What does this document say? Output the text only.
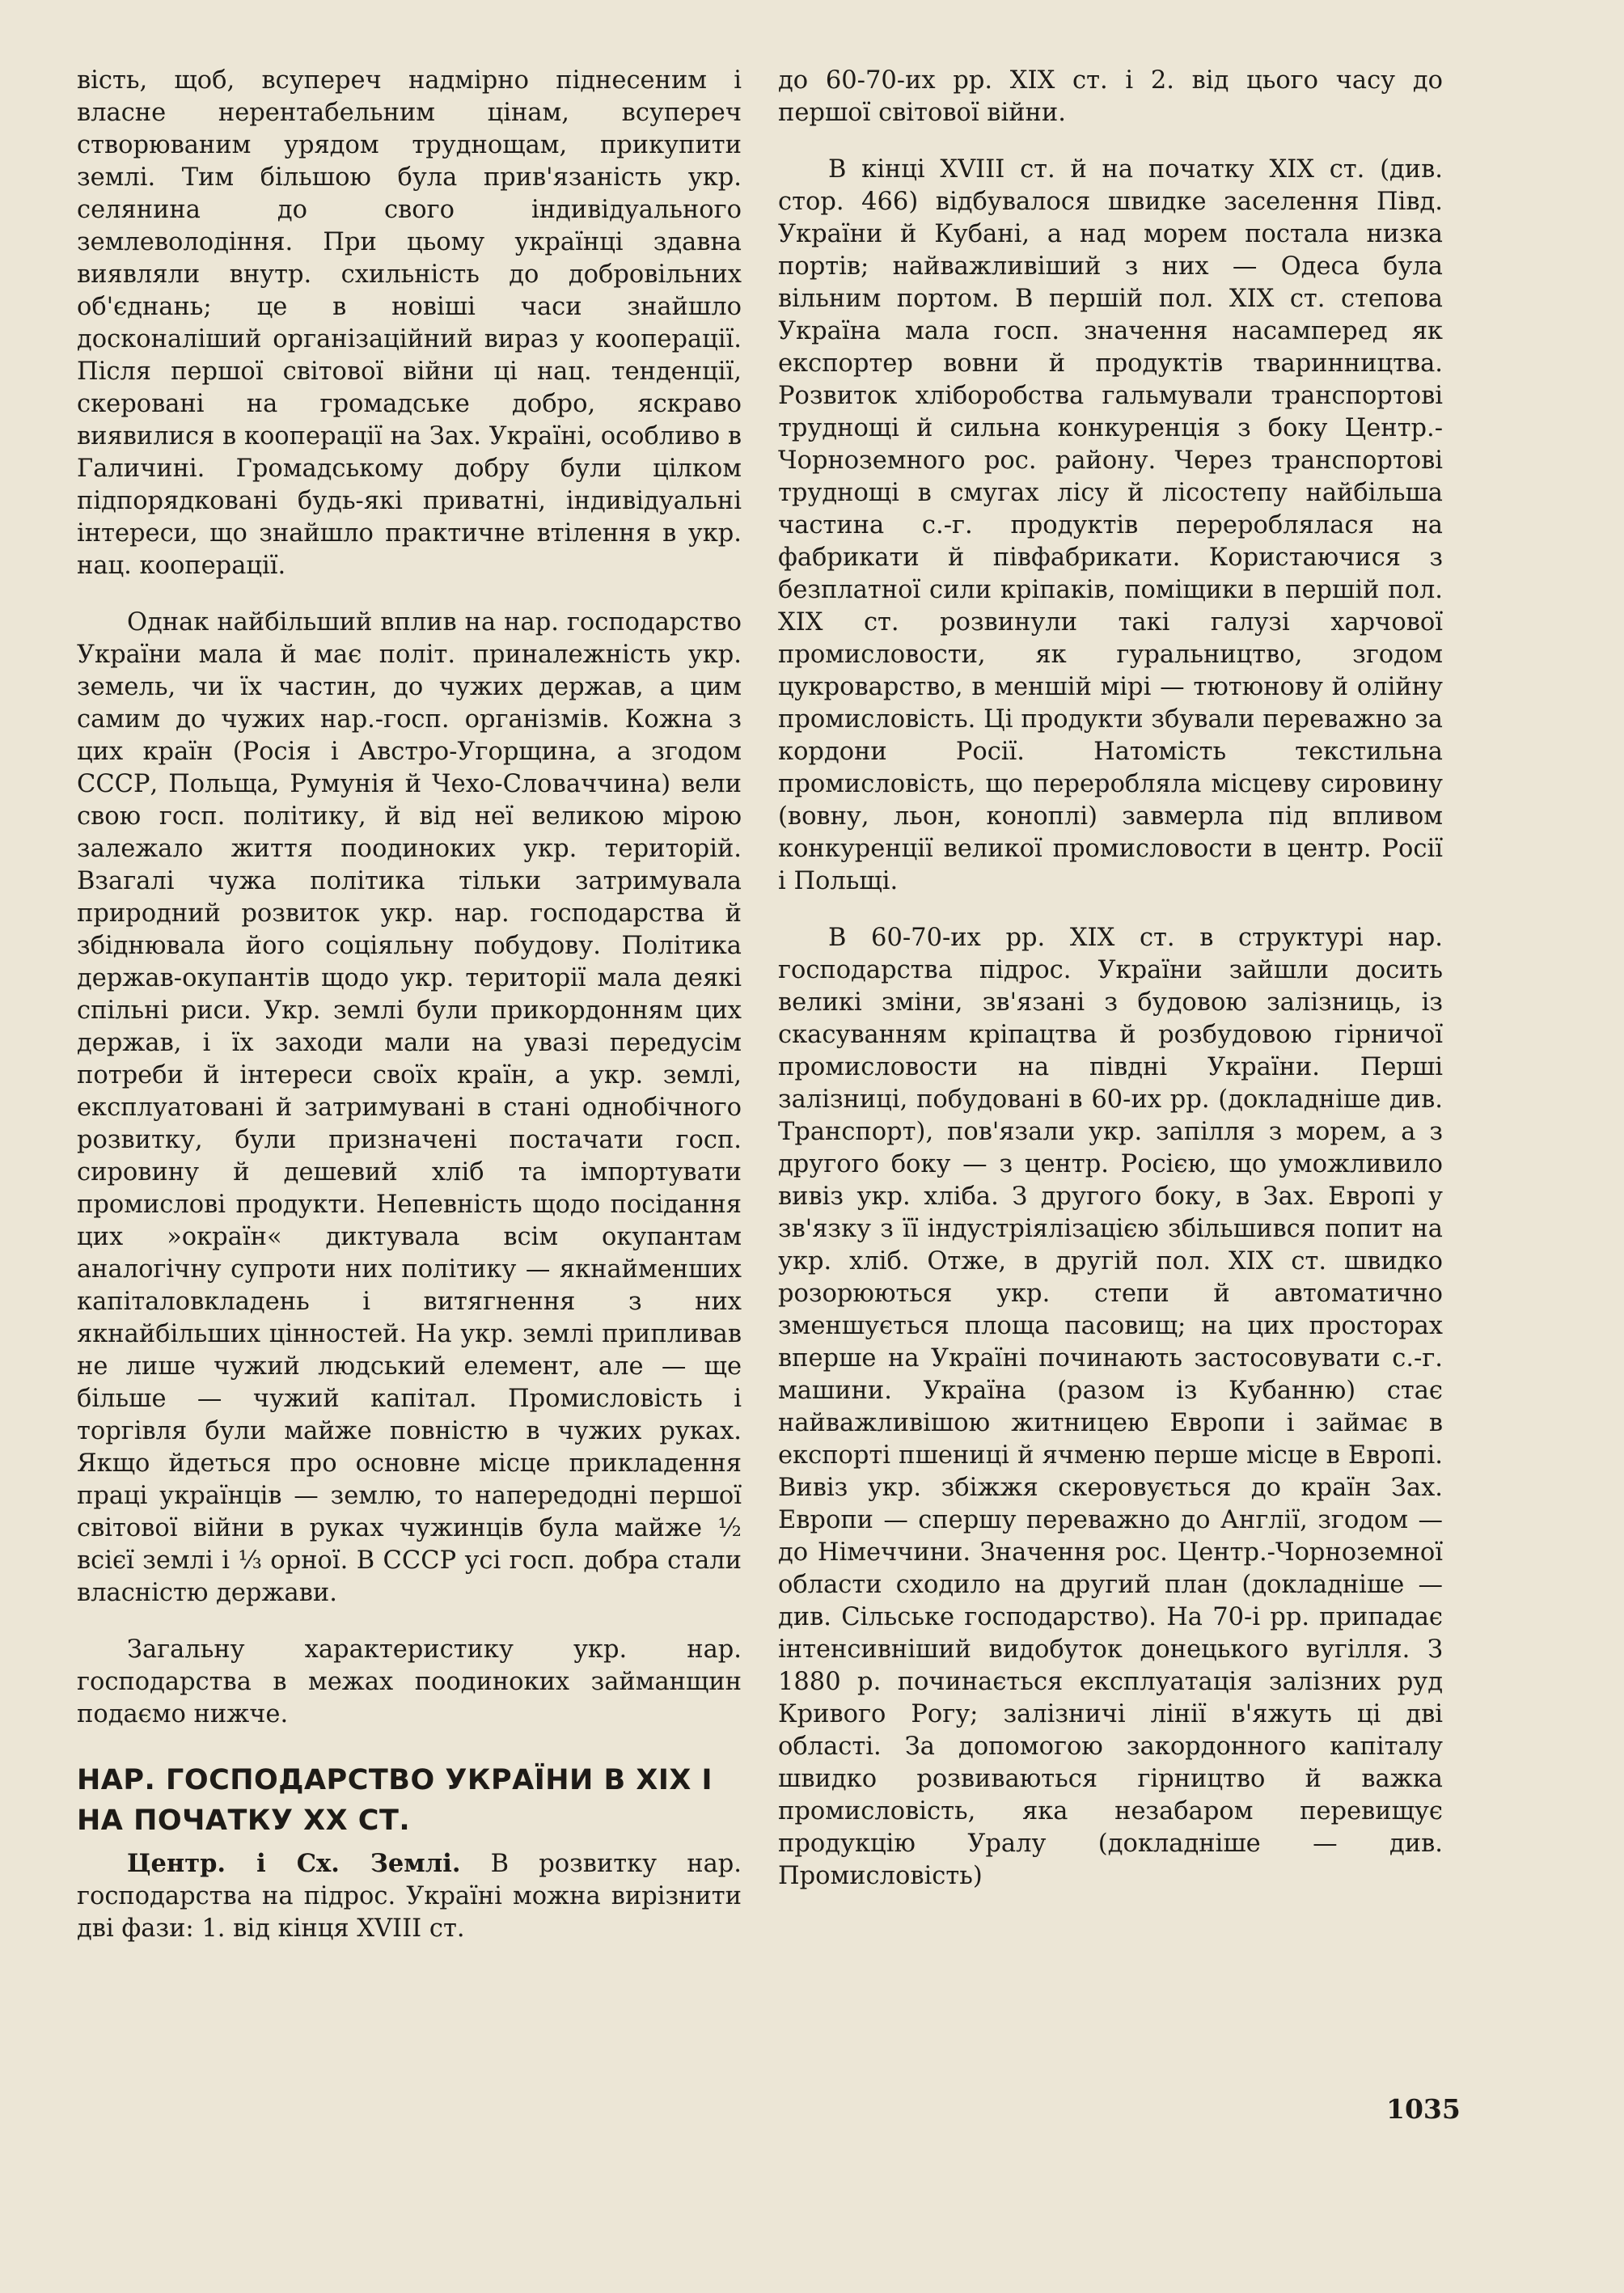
вість, щоб, всупереч надмірно піднесеним і власне нерентабельним цінам, всупереч створюваним урядом труднощам, прикупити землі. Тим більшою була прив'язаність укр. селянина до свого індивідуального землеволодіння. При цьому українці здавна виявляли внутр. схильність до добровільних об'єднань; це в новіші часи знайшло досконаліший організаційний вираз у кооперації. Після першої світової війни ці нац. тенденції, скеровані на громадське добро, яскраво виявилися в кооперації на Зах. Україні, особливо в Галичині. Громадському добру були цілком підпорядковані будь-які приватні, індивідуальні інтереси, що знайшло практичне втілення в укр. нац. кооперації.

Однак найбільший вплив на нар. господарство України мала й має політ. приналежність укр. земель, чи їх частин, до чужих держав, а цим самим до чужих нар.-госп. організмів. Кожна з цих країн (Росія і Австро-Угорщина, а згодом СССР, Польща, Румунія й Чехо-Словаччина) вели свою госп. політику, й від неї великою мірою залежало життя поодиноких укр. територій. Взагалі чужа політика тільки затримувала природний розвиток укр. нар. господарства й збіднювала його соціяльну побудову. Політика держав-окупантів щодо укр. території мала деякі спільні риси. Укр. землі були прикордонням цих держав, і їх заходи мали на увазі передусім потреби й інтереси своїх країн, а укр. землі, експлуатовані й затримувані в стані однобічного розвитку, були призначені постачати госп. сировину й дешевий хліб та імпортувати промислові продукти. Непевність щодо посідання цих »окраїн« диктувала всім окупантам аналогічну супроти них політику — якнайменших капіталовкладень і витягнення з них якнайбільших цінностей. На укр. землі припливав не лише чужий людський елемент, але — ще більше — чужий капітал. Промисловість і торгівля були майже повністю в чужих руках. Якщо йдеться про основне місце прикладення праці українців — землю, то напередодні першої світової війни в руках чужинців була майже ½ всієї землі і ⅓ орної. В СССР усі госп. добра стали власністю держави.

Загальну характеристику укр. нар. господарства в межах поодиноких займанщин подаємо нижче.

НАР. ГОСПОДАРСТВО УКРАЇНИ В XIX І НА ПОЧАТКУ XX СТ.

Центр. і Сх. Землі. В розвитку нар. господарства на підрос. Україні можна вирізнити дві фази: 1. від кінця XVIII ст.

до 60-70-их рр. XIX ст. і 2. від цього часу до першої світової війни.

В кінці XVIII ст. й на початку XIX ст. (див. стор. 466) відбувалося швидке заселення Півд. України й Кубані, а над морем постала низка портів; найважливіший з них — Одеса була вільним портом. В першій пол. XIX ст. степова Україна мала госп. значення насамперед як експортер вовни й продуктів тваринництва. Розвиток хліборобства гальмували транспортові труднощі й сильна конкуренція з боку Центр.-Чорноземного рос. району. Через транспортові труднощі в смугах лісу й лісостепу найбільша частина с.-г. продуктів перероблялася на фабрикати й півфабрикати. Користаючися з безплатної сили кріпаків, поміщики в першій пол. XIX ст. розвинули такі галузі харчової промисловости, як гуральництво, згодом цукроварство, в меншій мірі — тютюнову й олійну промисловість. Ці продукти збували переважно за кордони Росії. Натомість текстильна промисловість, що переробляла місцеву сировину (вовну, льон, коноплі) завмерла під впливом конкуренції великої промисловости в центр. Росії і Польщі.

В 60-70-их рр. XIX ст. в структурі нар. господарства підрос. України зайшли досить великі зміни, зв'язані з будовою залізниць, із скасуванням кріпацтва й розбудовою гірничої промисловости на півдні України. Перші залізниці, побудовані в 60-их рр. (докладніше див. Транспорт), пов'язали укр. запілля з морем, а з другого боку — з центр. Росією, що уможливило вивіз укр. хліба. З другого боку, в Зах. Европі у зв'язку з її індустріялізацією збільшився попит на укр. хліб. Отже, в другій пол. XIX ст. швидко розорюються укр. степи й автоматично зменшується площа пасовищ; на цих просторах вперше на Україні починають застосовувати с.-г. машини. Україна (разом із Кубанню) стає найважливішою житницею Европи і займає в експорті пшениці й ячменю перше місце в Европі. Вивіз укр. збіжжя скеровується до країн Зах. Европи — спершу переважно до Англії, згодом — до Німеччини. Значення рос. Центр.-Чорноземної области сходило на другий план (докладніше — див. Сільське господарство). На 70-і рр. припадає інтенсивніший видобуток донецького вугілля. З 1880 р. починається експлуатація залізних руд Кривого Рогу; залізничі лінії в'яжуть ці дві області. За допомогою закордонного капіталу швидко розвиваються гірництво й важка промисловість, яка незабаром перевищує продукцію Уралу (докладніше — див. Промисловість)

1035
